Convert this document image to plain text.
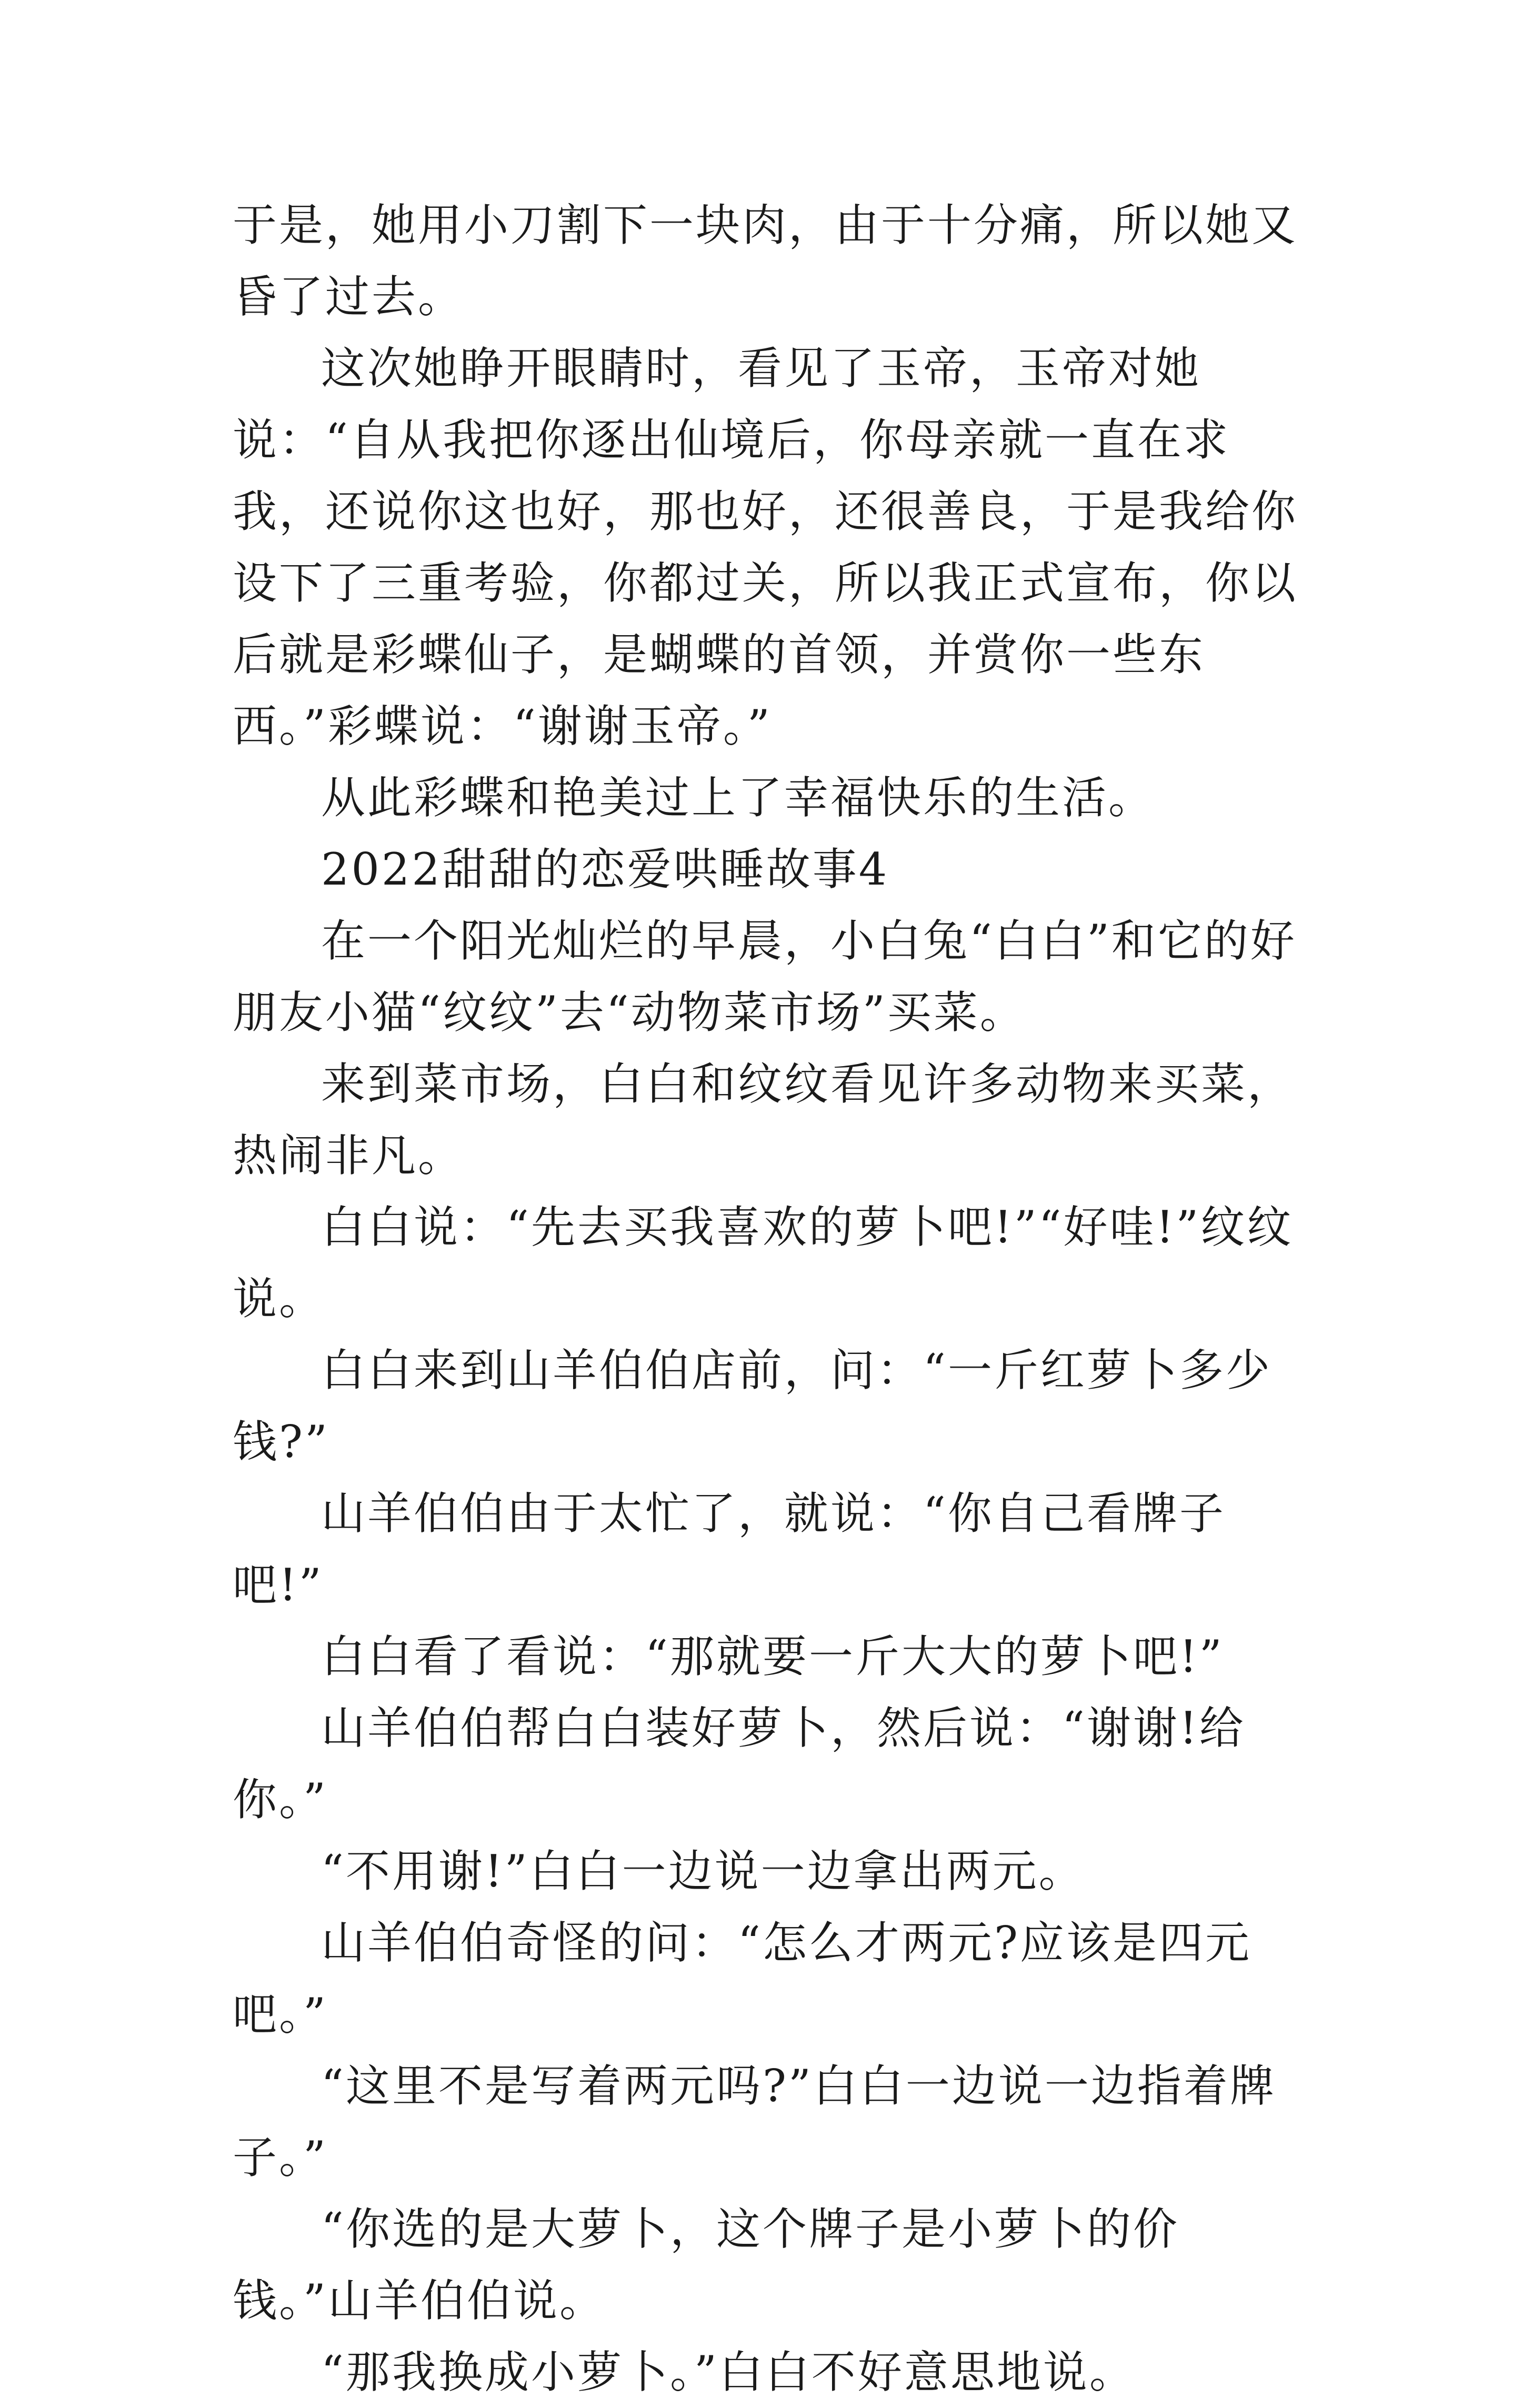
于是，她用小刀割下一块肉，由于十分痛，所以她又昏了过去。

这次她睁开眼睛时，看见了玉帝，玉帝对她说：“自从我把你逐出仙境后，你母亲就一直在求我，还说你这也好，那也好，还很善良，于是我给你设下了三重考验，你都过关，所以我正式宣布，你以后就是彩蝶仙子，是蝴蝶的首领，并赏你一些东西。”彩蝶说：“谢谢玉帝。”

从此彩蝶和艳美过上了幸福快乐的生活。

2022甜甜的恋爱哄睡故事4

在一个阳光灿烂的早晨，小白兔“白白”和它的好朋友小猫“纹纹”去“动物菜市场”买菜。

来到菜市场，白白和纹纹看见许多动物来买菜，热闹非凡。

白白说：“先去买我喜欢的萝卜吧!”“好哇!”纹纹说。

白白来到山羊伯伯店前，问：“一斤红萝卜多少钱?”

山羊伯伯由于太忙了，就说：“你自己看牌子吧!”

白白看了看说：“那就要一斤大大的萝卜吧!”

山羊伯伯帮白白装好萝卜，然后说：“谢谢!给你。”

“不用谢!”白白一边说一边拿出两元。

山羊伯伯奇怪的问：“怎么才两元?应该是四元吧。”

“这里不是写着两元吗?”白白一边说一边指着牌子。”

“你选的是大萝卜，这个牌子是小萝卜的价钱。”山羊伯伯说。

“那我换成小萝卜。”白白不好意思地说。
